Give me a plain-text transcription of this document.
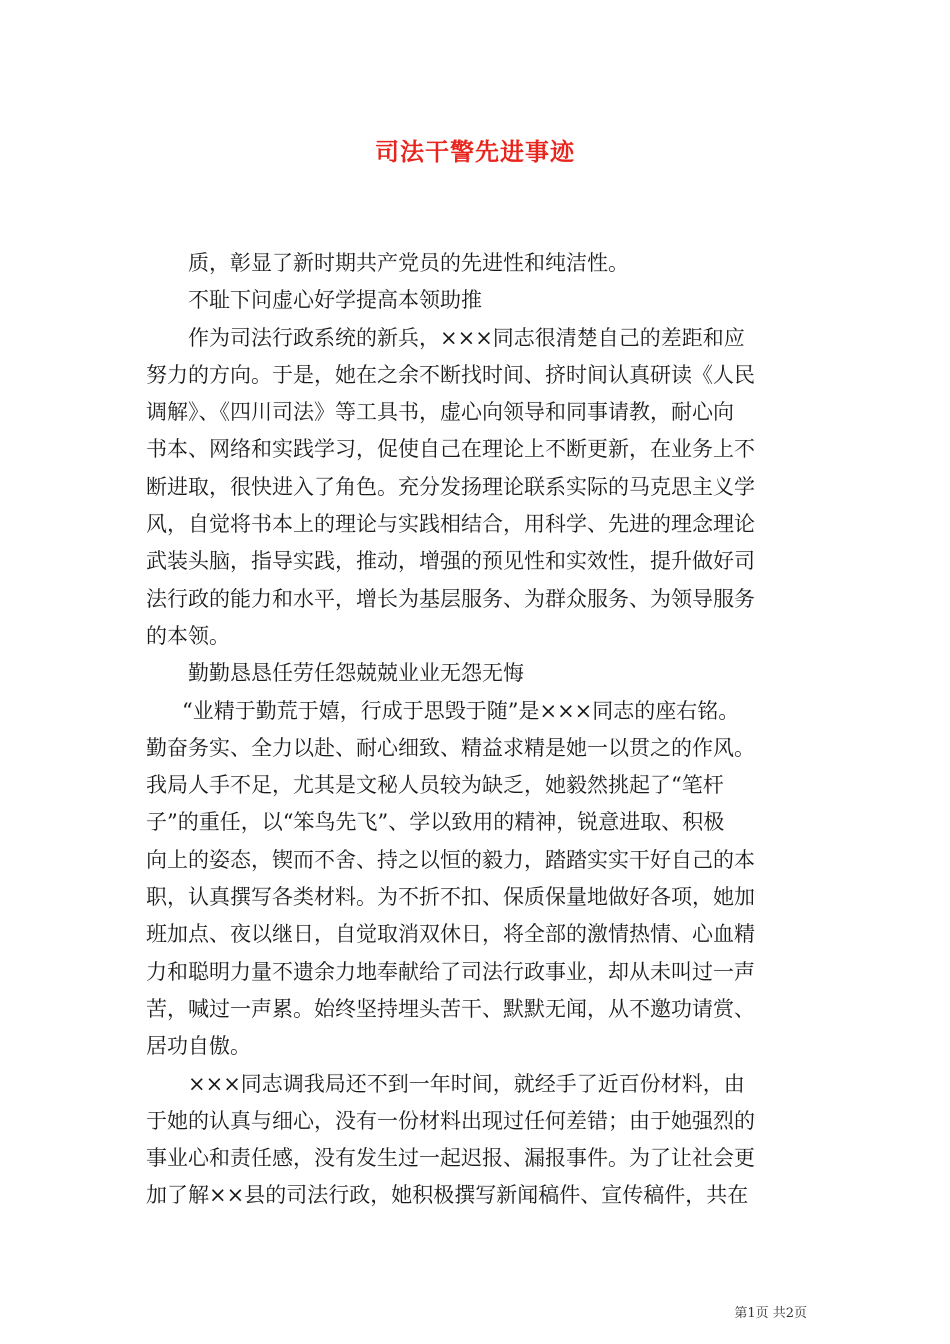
司法干警先进事迹
质，彰显了新时期共产党员的先进性和纯洁性。
不耻下问虚心好学提高本领助推
作为司法行政系统的新兵，×××同志很清楚自己的差距和应
努力的方向。于是，她在之余不断找时间、挤时间认真研读《人民
调解》、《四川司法》等工具书，虚心向领导和同事请教，耐心向
书本、网络和实践学习，促使自己在理论上不断更新，在业务上不
断进取，很快进入了角色。充分发扬理论联系实际的马克思主义学
风，自觉将书本上的理论与实践相结合，用科学、先进的理念理论
武装头脑，指导实践，推动，增强的预见性和实效性，提升做好司
法行政的能力和水平，增长为基层服务、为群众服务、为领导服务
的本领。
勤勤恳恳任劳任怨兢兢业业无怨无悔
“业精于勤荒于嬉，行成于思毁于随”是×××同志的座右铭。
勤奋务实、全力以赴、耐心细致、精益求精是她一以贯之的作风。
我局人手不足，尤其是文秘人员较为缺乏，她毅然挑起了“笔杆
子”的重任，以“笨鸟先飞”、学以致用的精神，锐意进取、积极
向上的姿态，锲而不舍、持之以恒的毅力，踏踏实实干好自己的本
职，认真撰写各类材料。为不折不扣、保质保量地做好各项，她加
班加点、夜以继日，自觉取消双休日，将全部的激情热情、心血精
力和聪明力量不遗余力地奉献给了司法行政事业，却从未叫过一声
苦，喊过一声累。始终坚持埋头苦干、默默无闻，从不邀功请赏、
居功自傲。
×××同志调我局还不到一年时间，就经手了近百份材料，由
于她的认真与细心，没有一份材料出现过任何差错；由于她强烈的
事业心和责任感，没有发生过一起迟报、漏报事件。为了让社会更
加了解××县的司法行政，她积极撰写新闻稿件、宣传稿件，共在
第1页 共2页
